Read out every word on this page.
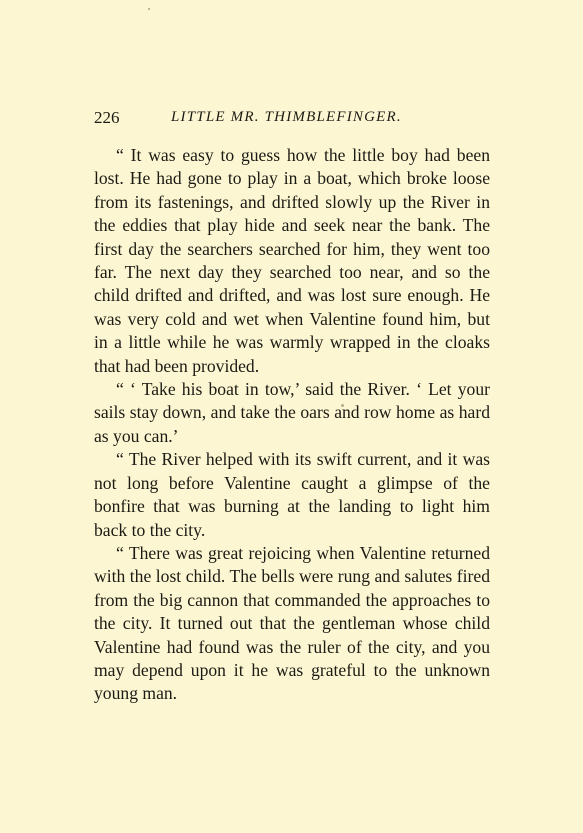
226	LITTLE MR. THIMBLEFINGER.

“ It was easy to guess how the little boy had been lost. He had gone to play in a boat, which broke loose from its fastenings, and drifted slowly up the River in the eddies that play hide and seek near the bank. The first day the searchers searched for him, they went too far. The next day they searched too near, and so the child drifted and drifted, and was lost sure enough. He was very cold and wet when Valentine found him, but in a little while he was warmly wrapped in the cloaks that had been provided.

“ ‘ Take his boat in tow,’ said the River. ‘ Let your sails stay down, and take the oars and row home as hard as you can.’

“ The River helped with its swift current, and it was not long before Valentine caught a glimpse of the bonfire that was burning at the landing to light him back to the city.

“ There was great rejoicing when Valentine returned with the lost child. The bells were rung and salutes fired from the big cannon that commanded the approaches to the city. It turned out that the gentleman whose child Valentine had found was the ruler of the city, and you may depend upon it he was grateful to the unknown young man.
